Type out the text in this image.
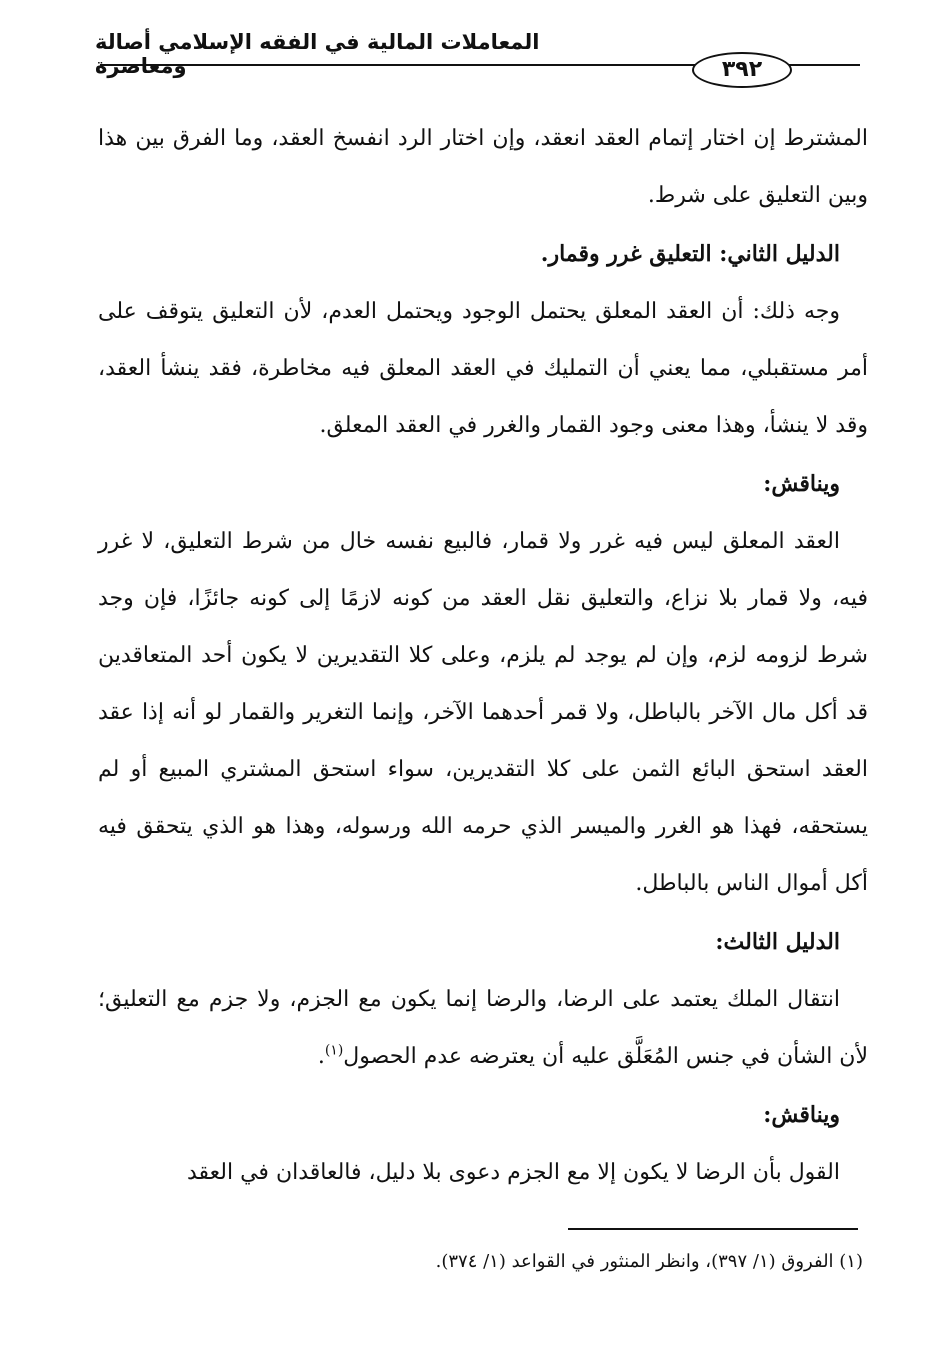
المعاملات المالية في الفقه الإسلامي أصالة ومعاصرة	٣٩٢

المشترط إن اختار إتمام العقد انعقد، وإن اختار الرد انفسخ العقد، وما الفرق بين هذا وبين التعليق على شرط.

الدليل الثاني: التعليق غرر وقمار.

وجه ذلك: أن العقد المعلق يحتمل الوجود ويحتمل العدم، لأن التعليق يتوقف على أمر مستقبلي، مما يعني أن التمليك في العقد المعلق فيه مخاطرة، فقد ينشأ العقد، وقد لا ينشأ، وهذا معنى وجود القمار والغرر في العقد المعلق.

ويناقش:

العقد المعلق ليس فيه غرر ولا قمار، فالبيع نفسه خال من شرط التعليق، لا غرر فيه، ولا قمار بلا نزاع، والتعليق نقل العقد من كونه لازمًا إلى كونه جائزًا، فإن وجد شرط لزومه لزم، وإن لم يوجد لم يلزم، وعلى كلا التقديرين لا يكون أحد المتعاقدين قد أكل مال الآخر بالباطل، ولا قمر أحدهما الآخر، وإنما التغرير والقمار لو أنه إذا عقد العقد استحق البائع الثمن على كلا التقديرين، سواء استحق المشتري المبيع أو لم يستحقه، فهذا هو الغرر والميسر الذي حرمه الله ورسوله، وهذا هو الذي يتحقق فيه أكل أموال الناس بالباطل.

الدليل الثالث:

انتقال الملك يعتمد على الرضا، والرضا إنما يكون مع الجزم، ولا جزم مع التعليق؛ لأن الشأن في جنس المُعَلَّق عليه أن يعترضه عدم الحصول$^{(١)}$.

ويناقش:

القول بأن الرضا لا يكون إلا مع الجزم دعوى بلا دليل، فالعاقدان في العقد

(١) الفروق (١/ ٣٩٧)، وانظر المنثور في القواعد (١/ ٣٧٤).
